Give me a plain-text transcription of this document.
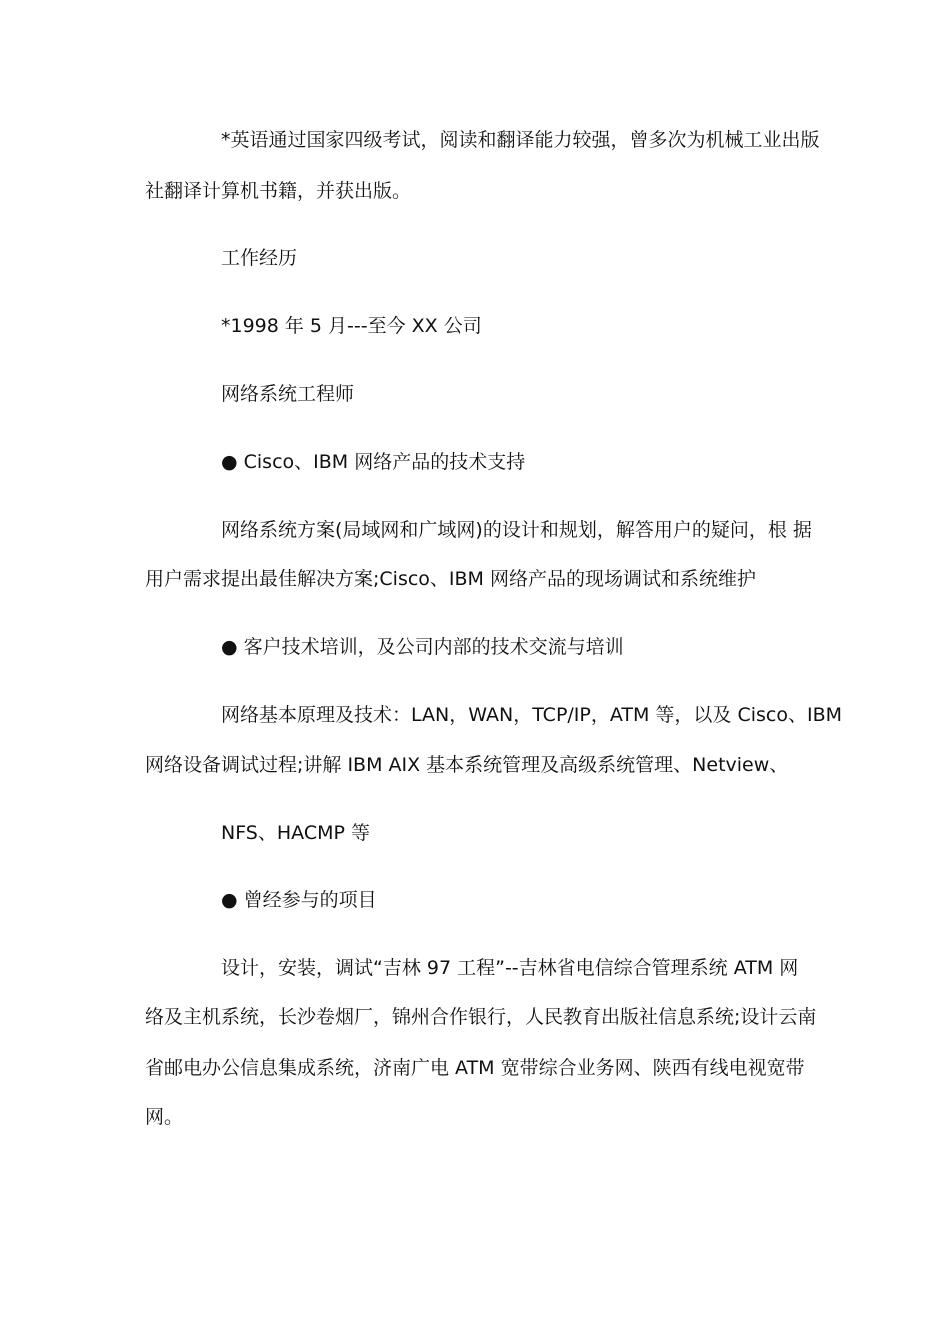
*英语通过国家四级考试，阅读和翻译能力较强，曾多次为机械工业出版

社翻译计算机书籍，并获出版。

工作经历

*1998 年 5 月---至今 XX 公司

网络系统工程师

● Cisco、IBM 网络产品的技术支持

网络系统方案(局域网和广域网)的设计和规划，解答用户的疑问，根 据

用户需求提出最佳解决方案;Cisco、IBM 网络产品的现场调试和系统维护

● 客户技术培训，及公司内部的技术交流与培训

网络基本原理及技术：LAN，WAN，TCP/IP，ATM 等，以及 Cisco、IBM

网络设备调试过程;讲解 IBM AIX 基本系统管理及高级系统管理、Netview、

NFS、HACMP 等

● 曾经参与的项目

设计，安装，调试“吉林 97 工程”--吉林省电信综合管理系统 ATM 网

络及主机系统，长沙卷烟厂，锦州合作银行，人民教育出版社信息系统;设计云南

省邮电办公信息集成系统，济南广电 ATM 宽带综合业务网、陕西有线电视宽带

网。
